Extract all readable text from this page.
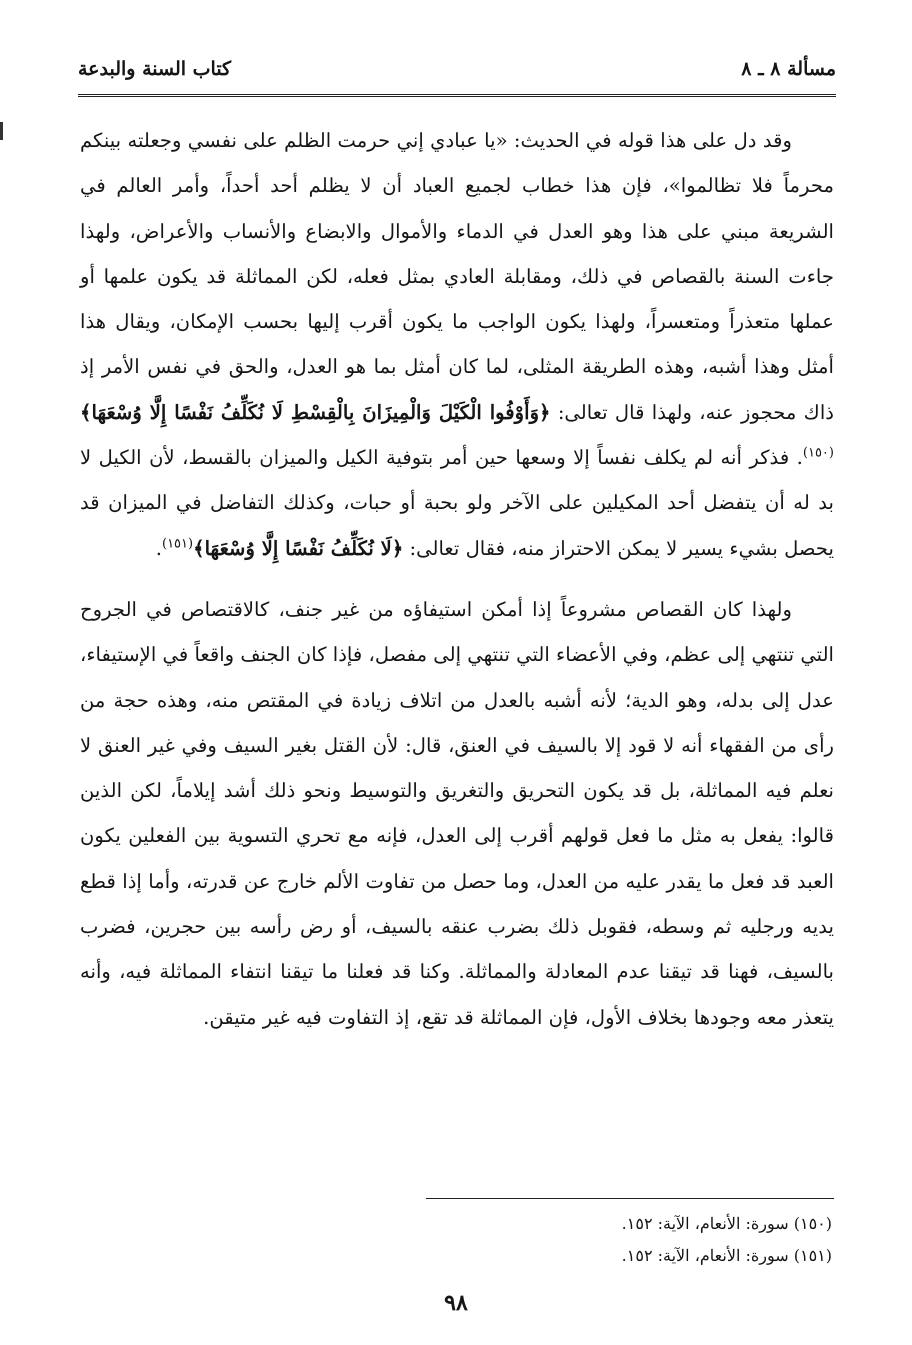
مسألة ٨ ـ ٨
كتاب السنة والبدعة

وقد دل على هذا قوله في الحديث: «يا عبادي إني حرمت الظلم على نفسي وجعلته بينكم محرماً فلا تظالموا»، فإن هذا خطاب لجميع العباد أن لا يظلم أحد أحداً، وأمر العالم في الشريعة مبني على هذا وهو العدل في الدماء والأموال والابضاع والأنساب والأعراض، ولهذا جاءت السنة بالقصاص في ذلك، ومقابلة العادي بمثل فعله، لكن المماثلة قد يكون علمها أو عملها متعذراً ومتعسراً، ولهذا يكون الواجب ما يكون أقرب إليها بحسب الإمكان، ويقال هذا أمثل وهذا أشبه، وهذه الطريقة المثلى، لما كان أمثل بما هو العدل، والحق في نفس الأمر إذ ذاك محجوز عنه، ولهذا قال تعالى: ﴿وَأَوْفُوا الْكَيْلَ وَالْمِيزَانَ بِالْقِسْطِ لَا نُكَلِّفُ نَفْسًا إِلَّا وُسْعَهَا﴾$^{(١٥٠)}$. فذكر أنه لم يكلف نفساً إلا وسعها حين أمر بتوفية الكيل والميزان بالقسط، لأن الكيل لا بد له أن يتفضل أحد المكيلين على الآخر ولو بحبة أو حبات، وكذلك التفاضل في الميزان قد يحصل بشيء يسير لا يمكن الاحتراز منه، فقال تعالى: ﴿لَا نُكَلِّفُ نَفْسًا إِلَّا وُسْعَهَا﴾$^{(١٥١)}$.

ولهذا كان القصاص مشروعاً إذا أمكن استيفاؤه من غير جنف، كالاقتصاص في الجروح التي تنتهي إلى عظم، وفي الأعضاء التي تنتهي إلى مفصل، فإذا كان الجنف واقعاً في الإستيفاء، عدل إلى بدله، وهو الدية؛ لأنه أشبه بالعدل من اتلاف زيادة في المقتص منه، وهذه حجة من رأى من الفقهاء أنه لا قود إلا بالسيف في العنق، قال: لأن القتل بغير السيف وفي غير العنق لا نعلم فيه المماثلة، بل قد يكون التحريق والتغريق والتوسيط ونحو ذلك أشد إيلاماً، لكن الذين قالوا: يفعل به مثل ما فعل قولهم أقرب إلى العدل، فإنه مع تحري التسوية بين الفعلين يكون العبد قد فعل ما يقدر عليه من العدل، وما حصل من تفاوت الألم خارج عن قدرته، وأما إذا قطع يديه ورجليه ثم وسطه، فقوبل ذلك بضرب عنقه بالسيف، أو رض رأسه بين حجرين، فضرب بالسيف، فهنا قد تيقنا عدم المعادلة والمماثلة. وكنا قد فعلنا ما تيقنا انتفاء المماثلة فيه، وأنه يتعذر معه وجودها بخلاف الأول، فإن المماثلة قد تقع، إذ التفاوت فيه غير متيقن.

(١٥٠) سورة: الأنعام، الآية: ١٥٢.
(١٥١) سورة: الأنعام، الآية: ١٥٢.
٩٨
